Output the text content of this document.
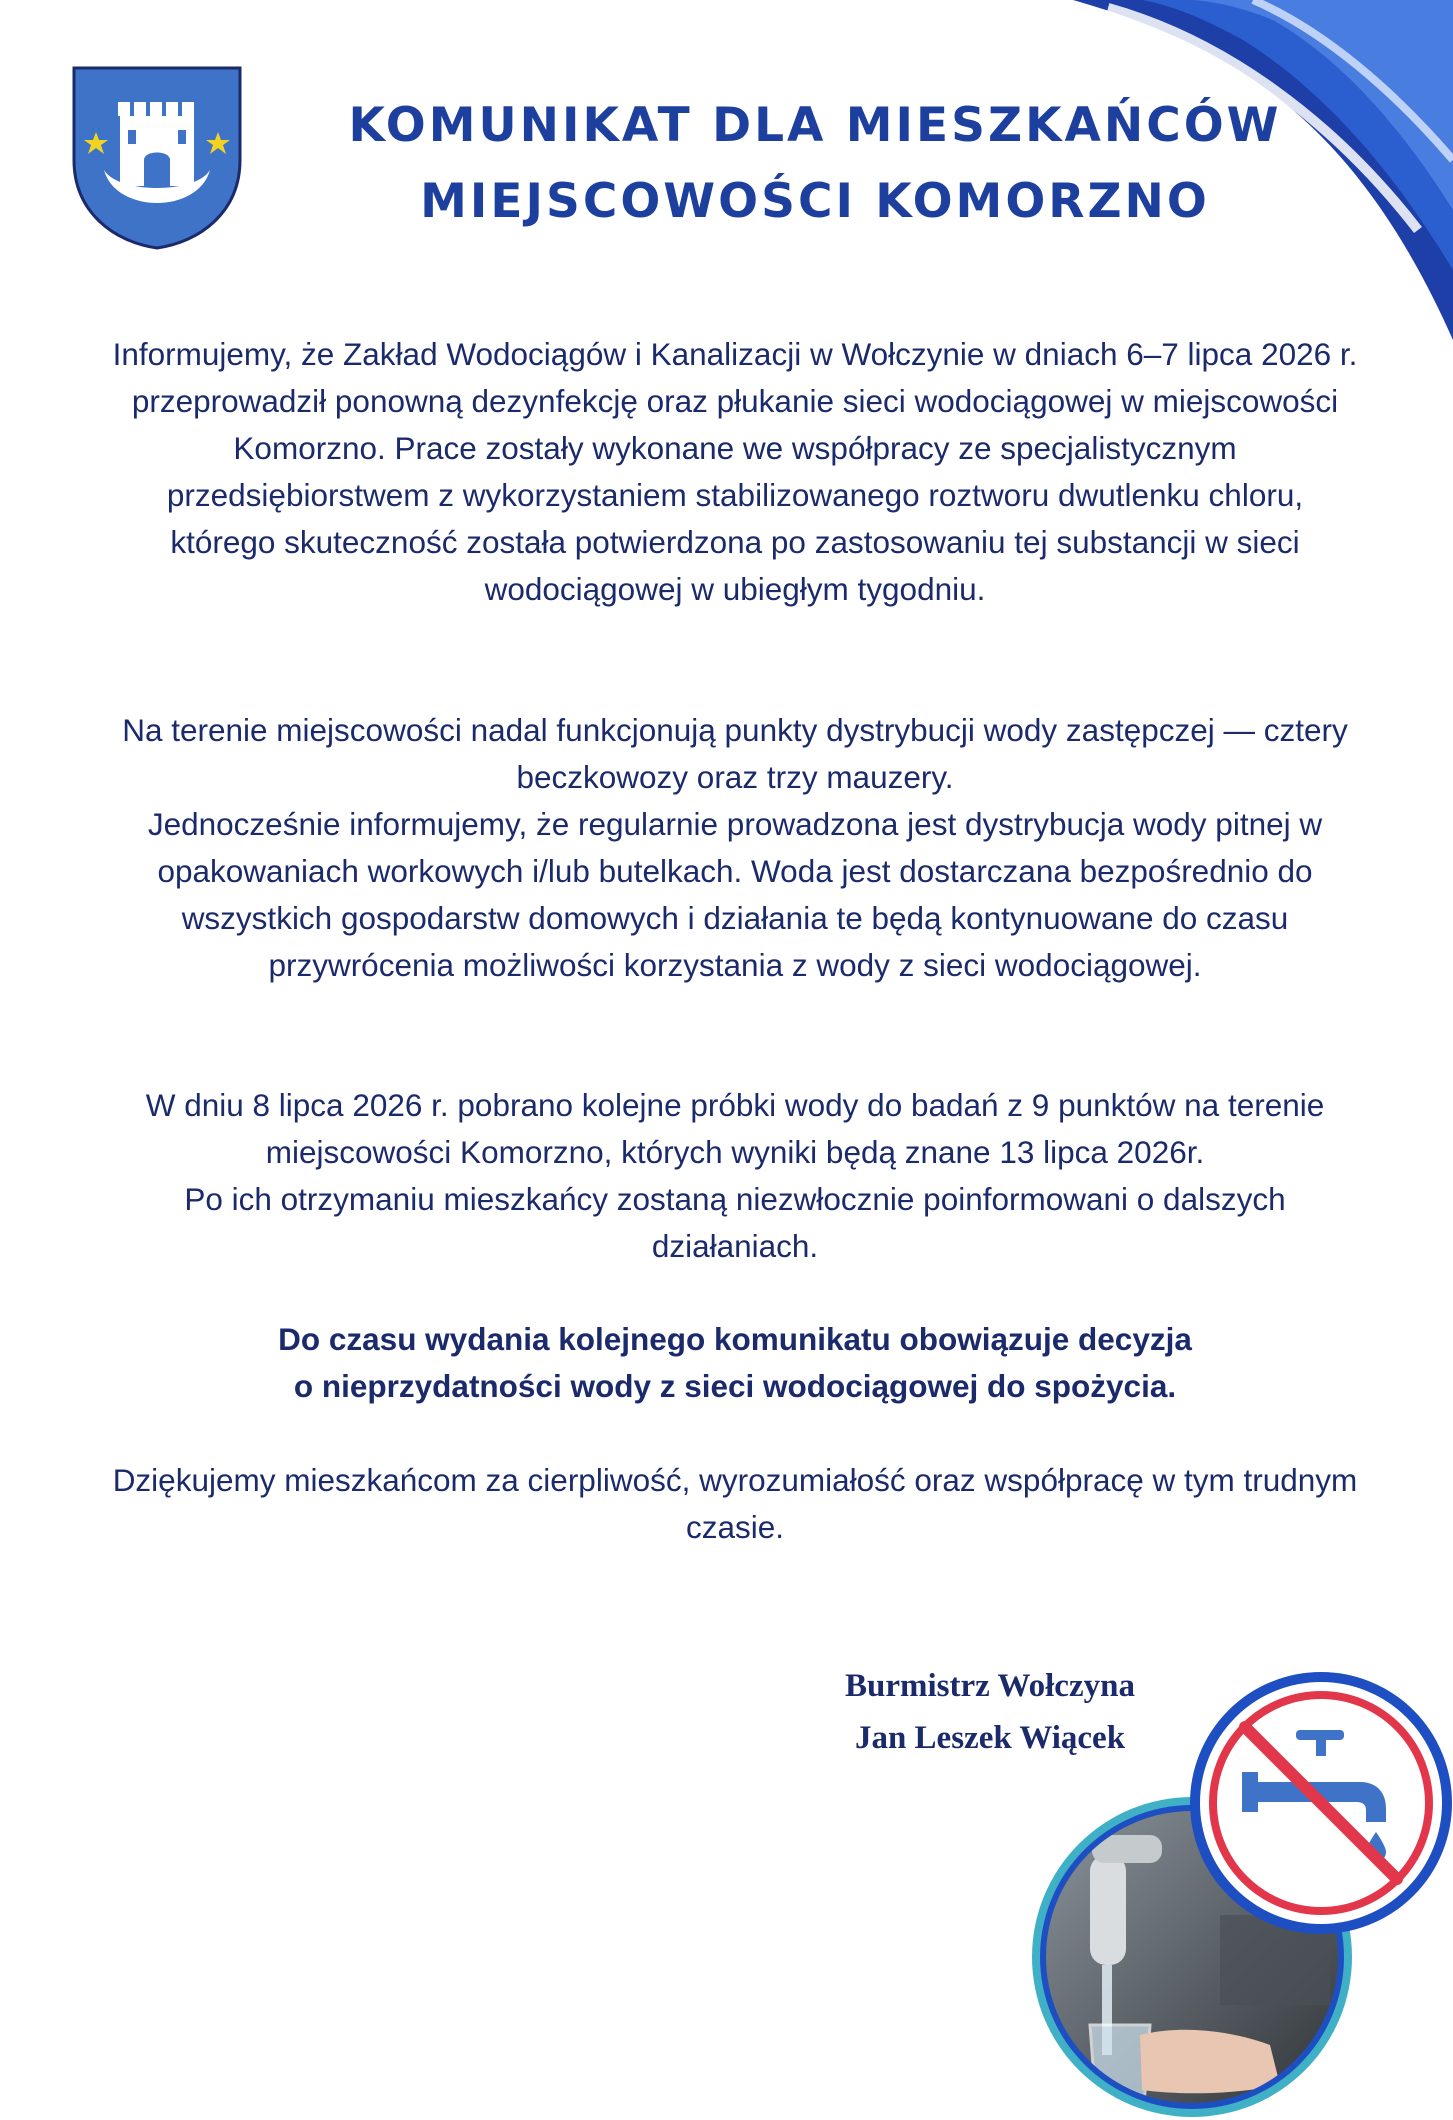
KOMUNIKAT DLA MIESZKAŃCÓW
MIEJSCOWOŚCI KOMORZNO

Informujemy, że Zakład Wodociągów i Kanalizacji w Wołczynie w dniach 6–7 lipca 2026 r. przeprowadził ponowną dezynfekcję oraz płukanie sieci wodociągowej w miejscowości Komorzno. Prace zostały wykonane we współpracy ze specjalistycznym przedsiębiorstwem z wykorzystaniem stabilizowanego roztworu dwutlenku chloru, którego skuteczność została potwierdzona po zastosowaniu tej substancji w sieci wodociągowej w ubiegłym tygodniu.

Na terenie miejscowości nadal funkcjonują punkty dystrybucji wody zastępczej — cztery beczkowozy oraz trzy mauzery.
Jednocześnie informujemy, że regularnie prowadzona jest dystrybucja wody pitnej w opakowaniach workowych i/lub butelkach. Woda jest dostarczana bezpośrednio do wszystkich gospodarstw domowych i działania te będą kontynuowane do czasu przywrócenia możliwości korzystania z wody z sieci wodociągowej.
W dniu 8 lipca 2026 r. pobrano kolejne próbki wody do badań z 9 punktów na terenie miejscowości Komorzno, których wyniki będą znane 13 lipca 2026r.
Po ich otrzymaniu mieszkańcy zostaną niezwłocznie poinformowani o dalszych działaniach.
Do czasu wydania kolejnego komunikatu obowiązuje decyzja
o nieprzydatności wody z sieci wodociągowej do spożycia.

Dziękujemy mieszkańcom za cierpliwość, wyrozumiałość oraz współpracę w tym trudnym czasie.

Burmistrz Wołczyna
Jan Leszek Wiącek
